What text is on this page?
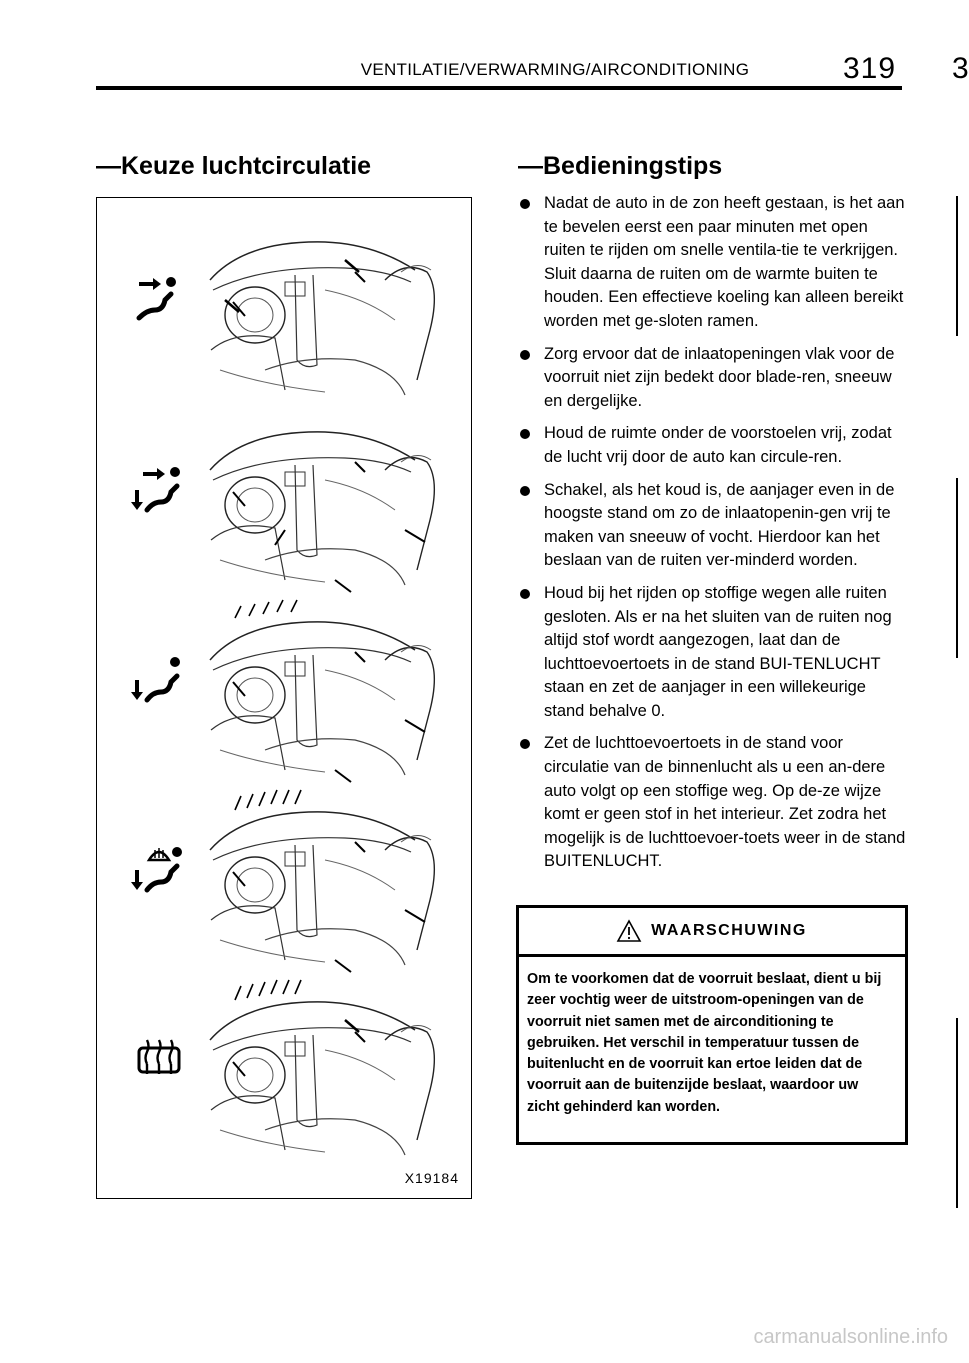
VENTILATIE/VERWARMING/AIRCONDITIONING	319 3
—Keuze luchtcirculatie
X19184
—Bedieningstips
Nadat de auto in de zon heeft gestaan, is het aan te bevelen eerst een paar minuten met open ruiten te rijden om snelle ventila-tie te verkrijgen. Sluit daarna de ruiten om de warmte buiten te houden. Een effectieve koeling kan alleen bereikt worden met ge-sloten ramen.
Zorg ervoor dat de inlaatopeningen vlak voor de voorruit niet zijn bedekt door blade-ren, sneeuw en dergelijke.
Houd de ruimte onder de voorstoelen vrij, zodat de lucht vrij door de auto kan circule-ren.
Schakel, als het koud is, de aanjager even in de hoogste stand om zo de inlaatopenin-gen vrij te maken van sneeuw of vocht. Hierdoor kan het beslaan van de ruiten ver-minderd worden.
Houd bij het rijden op stoffige wegen alle ruiten gesloten. Als er na het sluiten van de ruiten nog altijd stof wordt aangezogen, laat dan de luchttoevoertoets in de stand BUI-TENLUCHT staan en zet de aanjager in een willekeurige stand behalve 0.
Zet de luchttoevoertoets in de stand voor circulatie van de binnenlucht als u een an-dere auto volgt op een stoffige weg. Op de-ze wijze komt er geen stof in het interieur. Zet zodra het mogelijk is de luchttoevoer-toets weer in de stand BUITENLUCHT.
WAARSCHUWING
Om te voorkomen dat de voorruit beslaat, dient u bij zeer vochtig weer de uitstroom-openingen van de voorruit niet samen met de airconditioning te gebruiken. Het verschil in temperatuur tussen de buitenlucht en de voorruit kan ertoe leiden dat de voorruit aan de buitenzijde beslaat, waardoor uw zicht gehinderd kan worden.
carmanualsonline.info
